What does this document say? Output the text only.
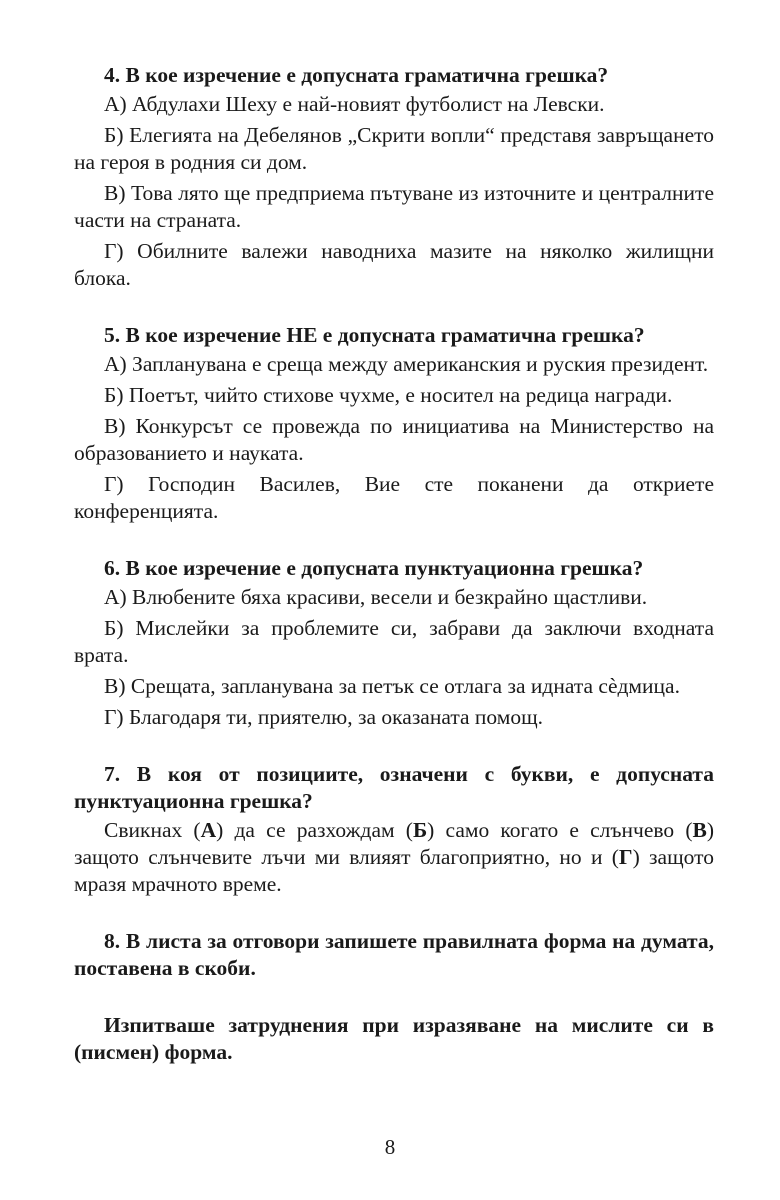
4. В кое изречение е допусната граматична грешка?

А) Абдулахи Шеху е най-новият футболист на Левски.

Б) Елегията на Дебелянов „Скрити вопли“ представя завръщането на героя в родния си дом.

В) Това лято ще предприема пътуване из източните и централните части на страната.

Г) Обилните валежи наводниха мазите на няколко жилищни блока.

5. В кое изречение НЕ е допусната граматична грешка?

А) Запланувана е среща между американския и руския президент.

Б) Поетът, чийто стихове чухме, е носител на редица награди.

В) Конкурсът се провежда по инициатива на Министерство на образованието и науката.

Г) Господин Василев, Вие сте поканени да откриете конференцията.

6. В кое изречение е допусната пунктуационна грешка?

А) Влюбените бяха красиви, весели и безкрайно щастливи.

Б) Мислейки за проблемите си, забрави да заключи входната врата.

В) Срещата, запланувана за петък се отлага за идната сѐдмица.

Г) Благодаря ти, приятелю, за оказаната помощ.

7. В коя от позициите, означени с букви, е допусната пунктуационна грешка?

Свикнах (А) да се разхождам (Б) само когато е слънчево (В) защото слънчевите лъчи ми влияят благоприятно, но и (Г) защото мразя мрачното време.

8. В листа за отговори запишете правилната форма на думата, поставена в скоби.

Изпитваше затруднения при изразяване на мислите си в (писмен) форма.

8
